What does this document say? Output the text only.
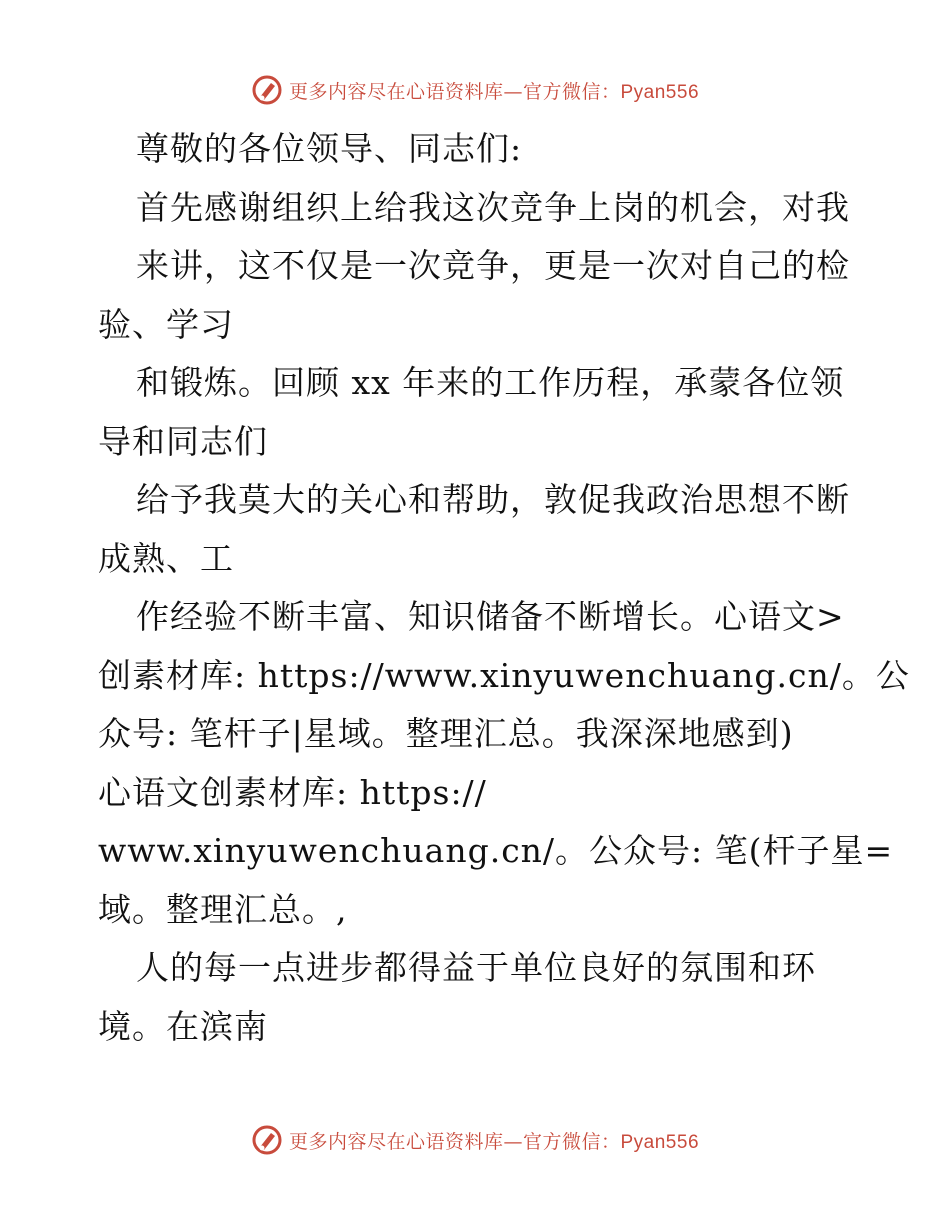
更多内容尽在心语资料库—官方微信：Pyan556
尊敬的各位领导、同志们:
首先感谢组织上给我这次竞争上岗的机会，对我
来讲，这不仅是一次竞争，更是一次对自己的检
验、学习
和锻炼。回顾 xx 年来的工作历程，承蒙各位领
导和同志们
给予我莫大的关心和帮助，敦促我政治思想不断
成熟、工
作经验不断丰富、知识储备不断增长。心语文>
创素材库: https://www.xinyuwenchuang.cn/。公
众号: 笔杆子|星域。整理汇总。我深深地感到)
心语文创素材库: https://
www.xinyuwenchuang.cn/。公众号: 笔(杆子星=
域。整理汇总。,
人的每一点进步都得益于单位良好的氛围和环
境。在滨南
更多内容尽在心语资料库—官方微信：Pyan556
